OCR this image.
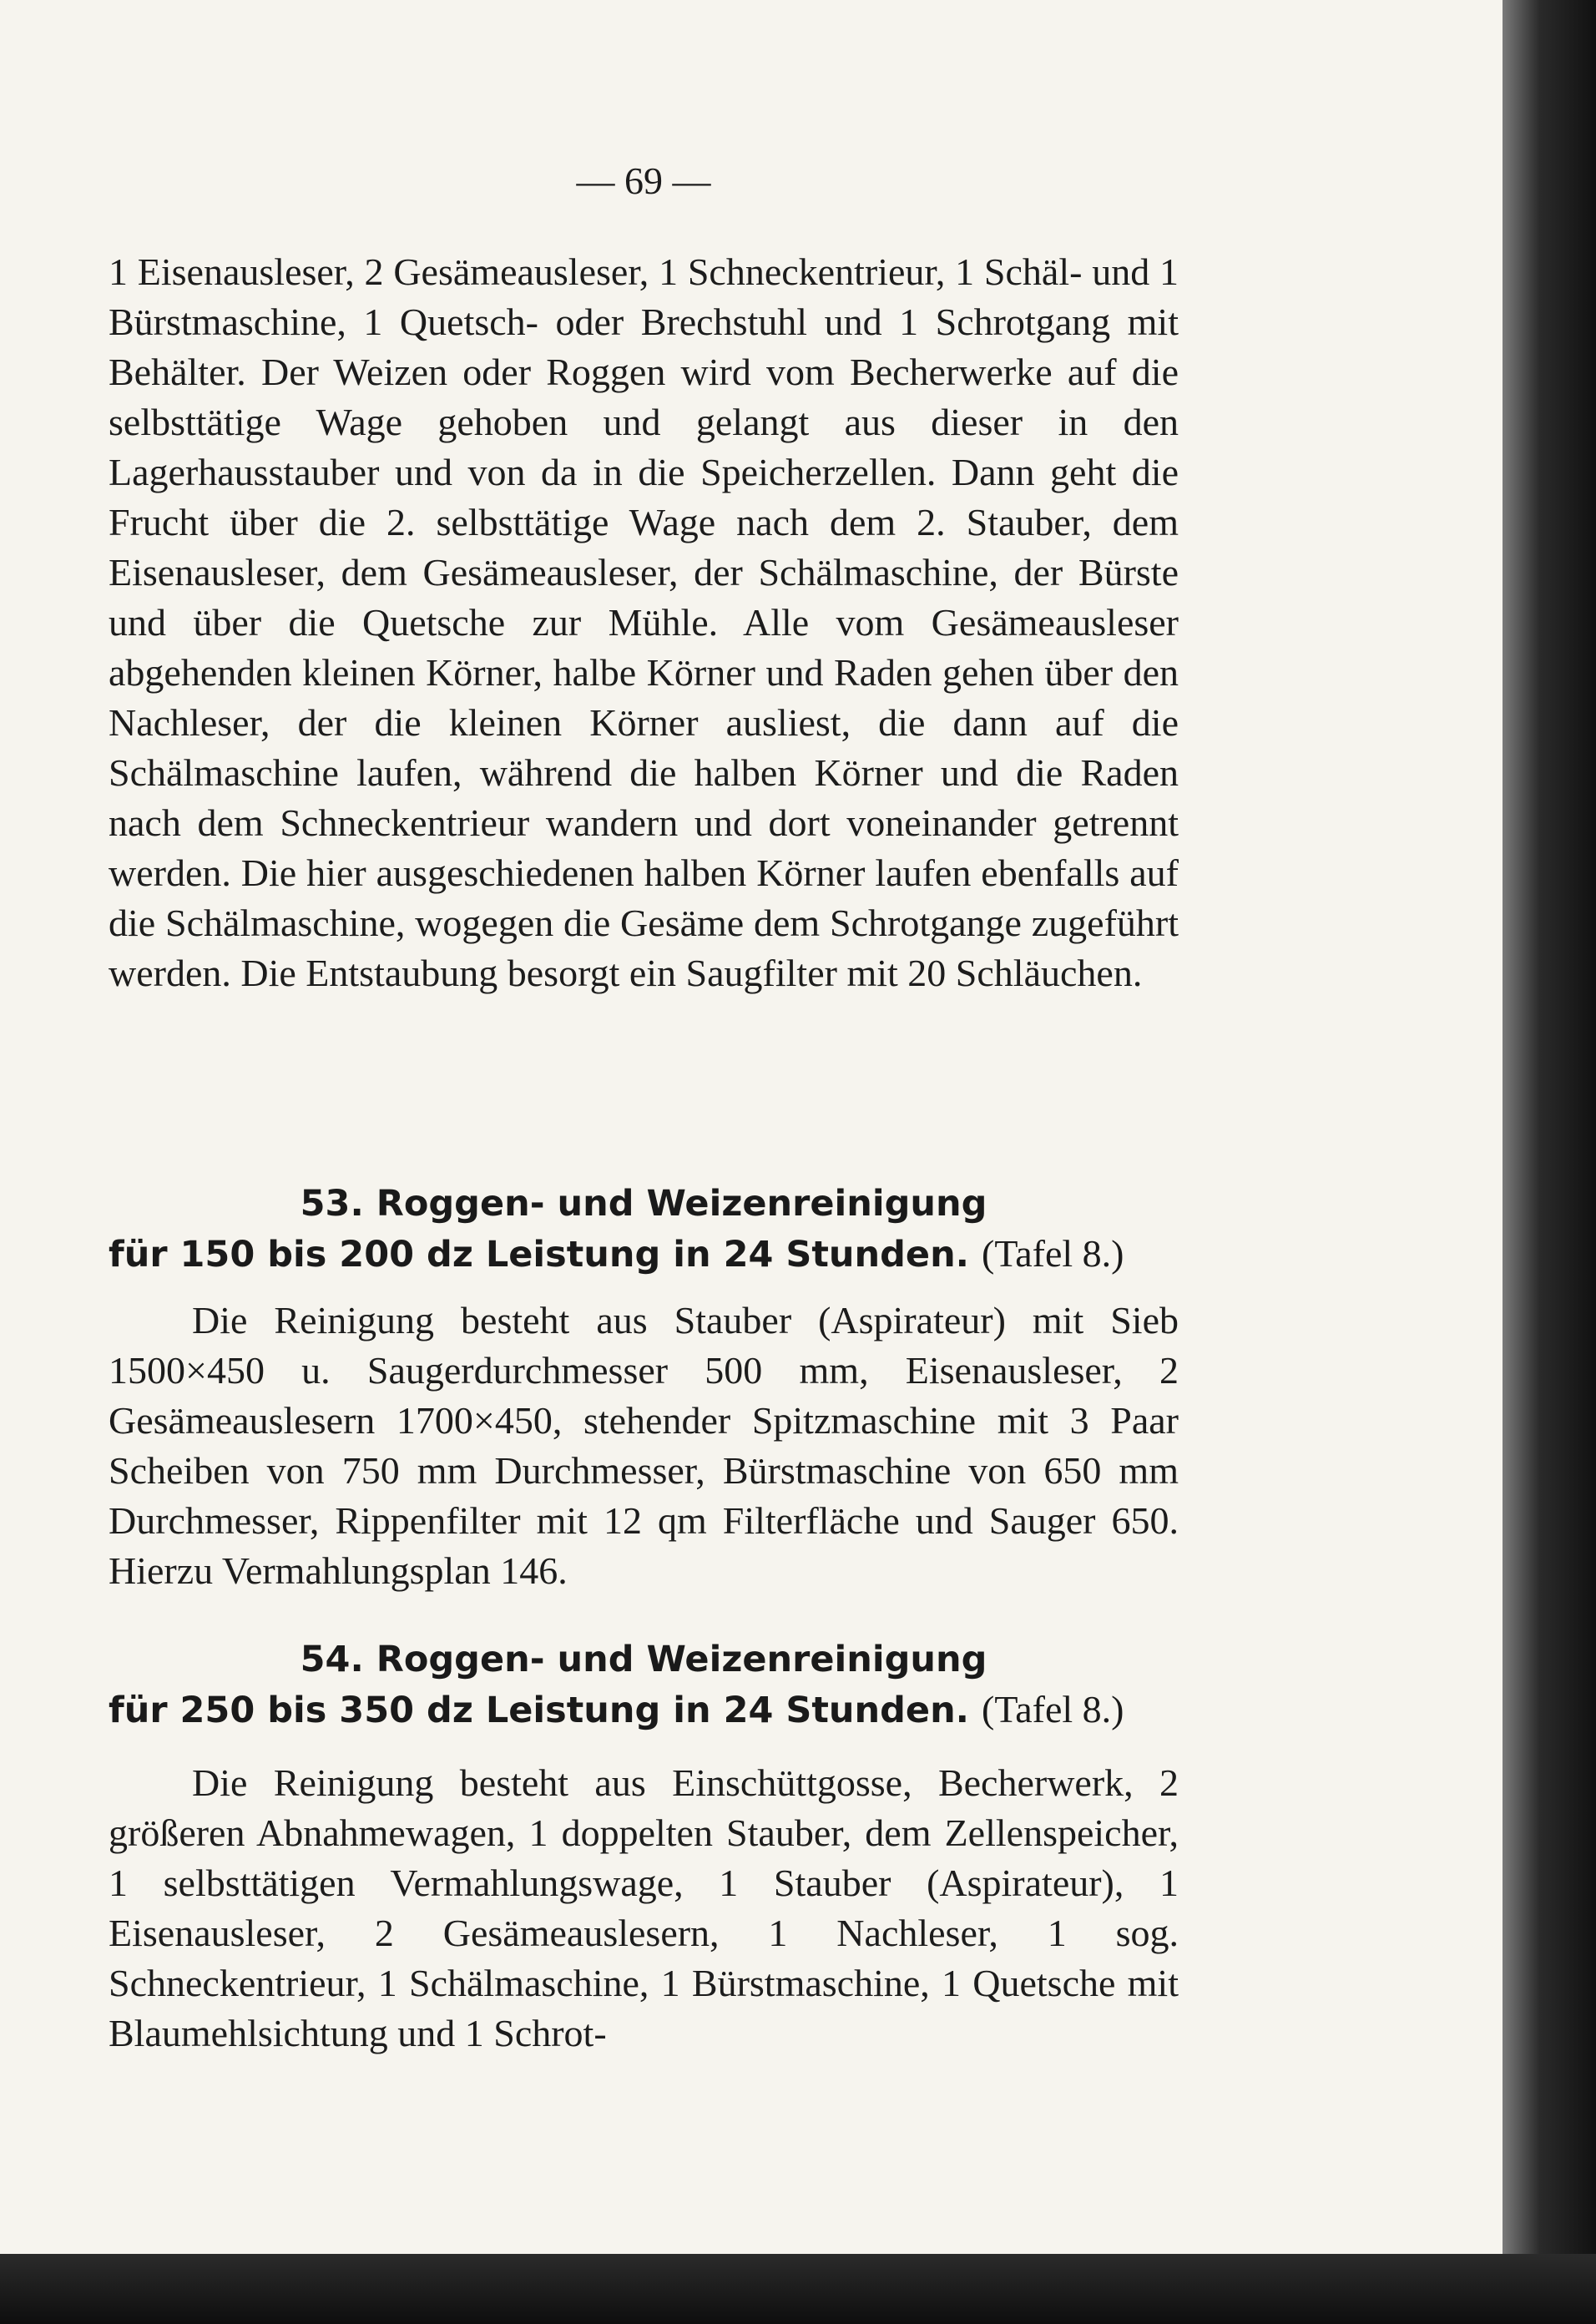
— 69 —
1 Eisenausleser, 2 Gesämeausleser, 1 Schneckentrieur, 1 Schäl- und 1 Bürstmaschine, 1 Quetsch- oder Brechstuhl und 1 Schrotgang mit Behälter. Der Weizen oder Roggen wird vom Becherwerke auf die selbsttätige Wage gehoben und gelangt aus dieser in den Lagerhausstauber und von da in die Speicherzellen. Dann geht die Frucht über die 2. selbsttätige Wage nach dem 2. Stauber, dem Eisenausleser, dem Gesämeausleser, der Schälmaschine, der Bürste und über die Quetsche zur Mühle. Alle vom Gesämeausleser abgehenden kleinen Körner, halbe Körner und Raden gehen über den Nachleser, der die kleinen Körner ausliest, die dann auf die Schälmaschine laufen, während die halben Körner und die Raden nach dem Schneckentrieur wandern und dort voneinander getrennt werden. Die hier ausgeschiedenen halben Körner laufen ebenfalls auf die Schälmaschine, wogegen die Gesäme dem Schrotgange zugeführt werden. Die Entstaubung besorgt ein Saugfilter mit 20 Schläuchen.
53. Roggen- und Weizenreinigung
für 150 bis 200 dz Leistung in 24 Stunden. (Tafel 8.)

Die Reinigung besteht aus Stauber (Aspirateur) mit Sieb 1500×450 u. Saugerdurchmesser 500 mm, Eisenausleser, 2 Gesämeauslesern 1700×450, stehender Spitzmaschine mit 3 Paar Scheiben von 750 mm Durchmesser, Bürstmaschine von 650 mm Durchmesser, Rippenfilter mit 12 qm Filterfläche und Sauger 650. Hierzu Vermahlungsplan 146.

54. Roggen- und Weizenreinigung
für 250 bis 350 dz Leistung in 24 Stunden. (Tafel 8.)

Die Reinigung besteht aus Einschüttgosse, Becherwerk, 2 größeren Abnahmewagen, 1 doppelten Stauber, dem Zellenspeicher, 1 selbsttätigen Vermahlungswage, 1 Stauber (Aspirateur), 1 Eisenausleser, 2 Gesämeauslesern, 1 Nachleser, 1 sog. Schneckentrieur, 1 Schälmaschine, 1 Bürstmaschine, 1 Quetsche mit Blaumehlsichtung und 1 Schrot-
